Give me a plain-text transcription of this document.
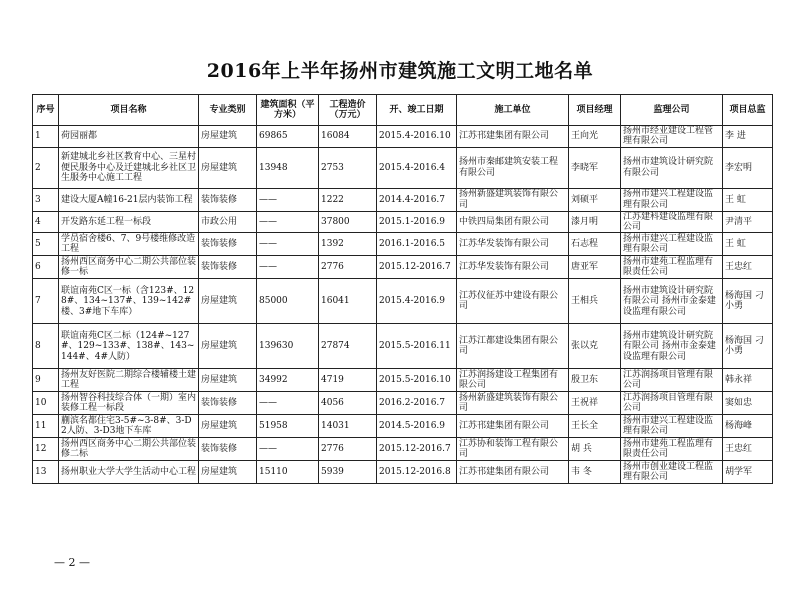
2016年上半年扬州市建筑施工文明工地名单
序号	项目名称	专业类别	建筑面积（平方米）	工程造价（万元）	开、竣工日期	施工单位	项目经理	监理公司	项目总监
1	荷园丽都	房屋建筑	69865	16084	2015.4-2016.10	江苏邗建集团有限公司	王向光	扬州市经业建设工程管理有限公司	李 进
2	新建城北乡社区教育中心、三星村便民服务中心及迁建城北乡社区卫生服务中心施工工程	房屋建筑	13948	2753	2015.4-2016.4	扬州市秦邮建筑安装工程有限公司	李晓军	扬州市建筑设计研究院有限公司	李宏明
3	建设大厦A幢16-21层内装饰工程	装饰装修	——	1222	2014.4-2016.7	扬州新盛建筑装饰有限公司	刘硕平	扬州市建兴工程建设监理有限公司	王 虹
4	开发路东延工程一标段	市政公用	——	37800	2015.1-2016.9	中铁四局集团有限公司	漆月明	江苏建科建设监理有限公司	尹清平
5	学员宿舍楼6、7、9号楼维修改造工程	装饰装修	——	1392	2016.1-2016.5	江苏华发装饰有限公司	石志程	扬州市建兴工程建设监理有限公司	王 虹
6	扬州西区商务中心二期公共部位装修一标	装饰装修	——	2776	2015.12-2016.7	江苏华发装饰有限公司	唐亚军	扬州市建苑工程监理有限责任公司	王忠红
7	联谊南苑C区一标（含123#、128#、134~137#、139~142#楼、3#地下车库）	房屋建筑	85000	16041	2015.4-2016.9	江苏仪征苏中建设有限公司	王相兵	扬州市建筑设计研究院有限公司 扬州市金泰建设监理有限公司	杨海国 刁小勇
8	联谊南苑C区二标（124#~127#、129~133#、138#、143~144#、4#人防）	房屋建筑	139630	27874	2015.5-2016.11	江苏江都建设集团有限公司	张以克	扬州市建筑设计研究院有限公司 扬州市金泰建设监理有限公司	杨海国 刁小勇
9	扬州友好医院二期综合楼辅楼土建工程	房屋建筑	34992	4719	2015.5-2016.10	江苏润扬建设工程集团有限公司	殷卫东	江苏润扬项目管理有限公司	韩永祥
10	扬州智谷科技综合体（一期）室内装修工程一标段	装饰装修	——	4056	2016.2-2016.7	扬州新盛建筑装饰有限公司	王祝祥	江苏润扬项目管理有限公司	窦如忠
11	蒯滨名都住宅3-5#~3-8#、3-D2人防、3-D3地下车库	房屋建筑	51958	14031	2014.5-2016.9	江苏邗建集团有限公司	王长全	扬州市建兴工程建设监理有限公司	杨海峰
12	扬州西区商务中心二期公共部位装修二标	装饰装修	——	2776	2015.12-2016.7	江苏协和装饰工程有限公司	胡 兵	扬州市建苑工程监理有限责任公司	王忠红
13	扬州职业大学大学生活动中心工程	房屋建筑	15110	5939	2015.12-2016.8	江苏邗建集团有限公司	韦 冬	扬州市创业建设工程监理有限公司	胡学军
— 2 —
